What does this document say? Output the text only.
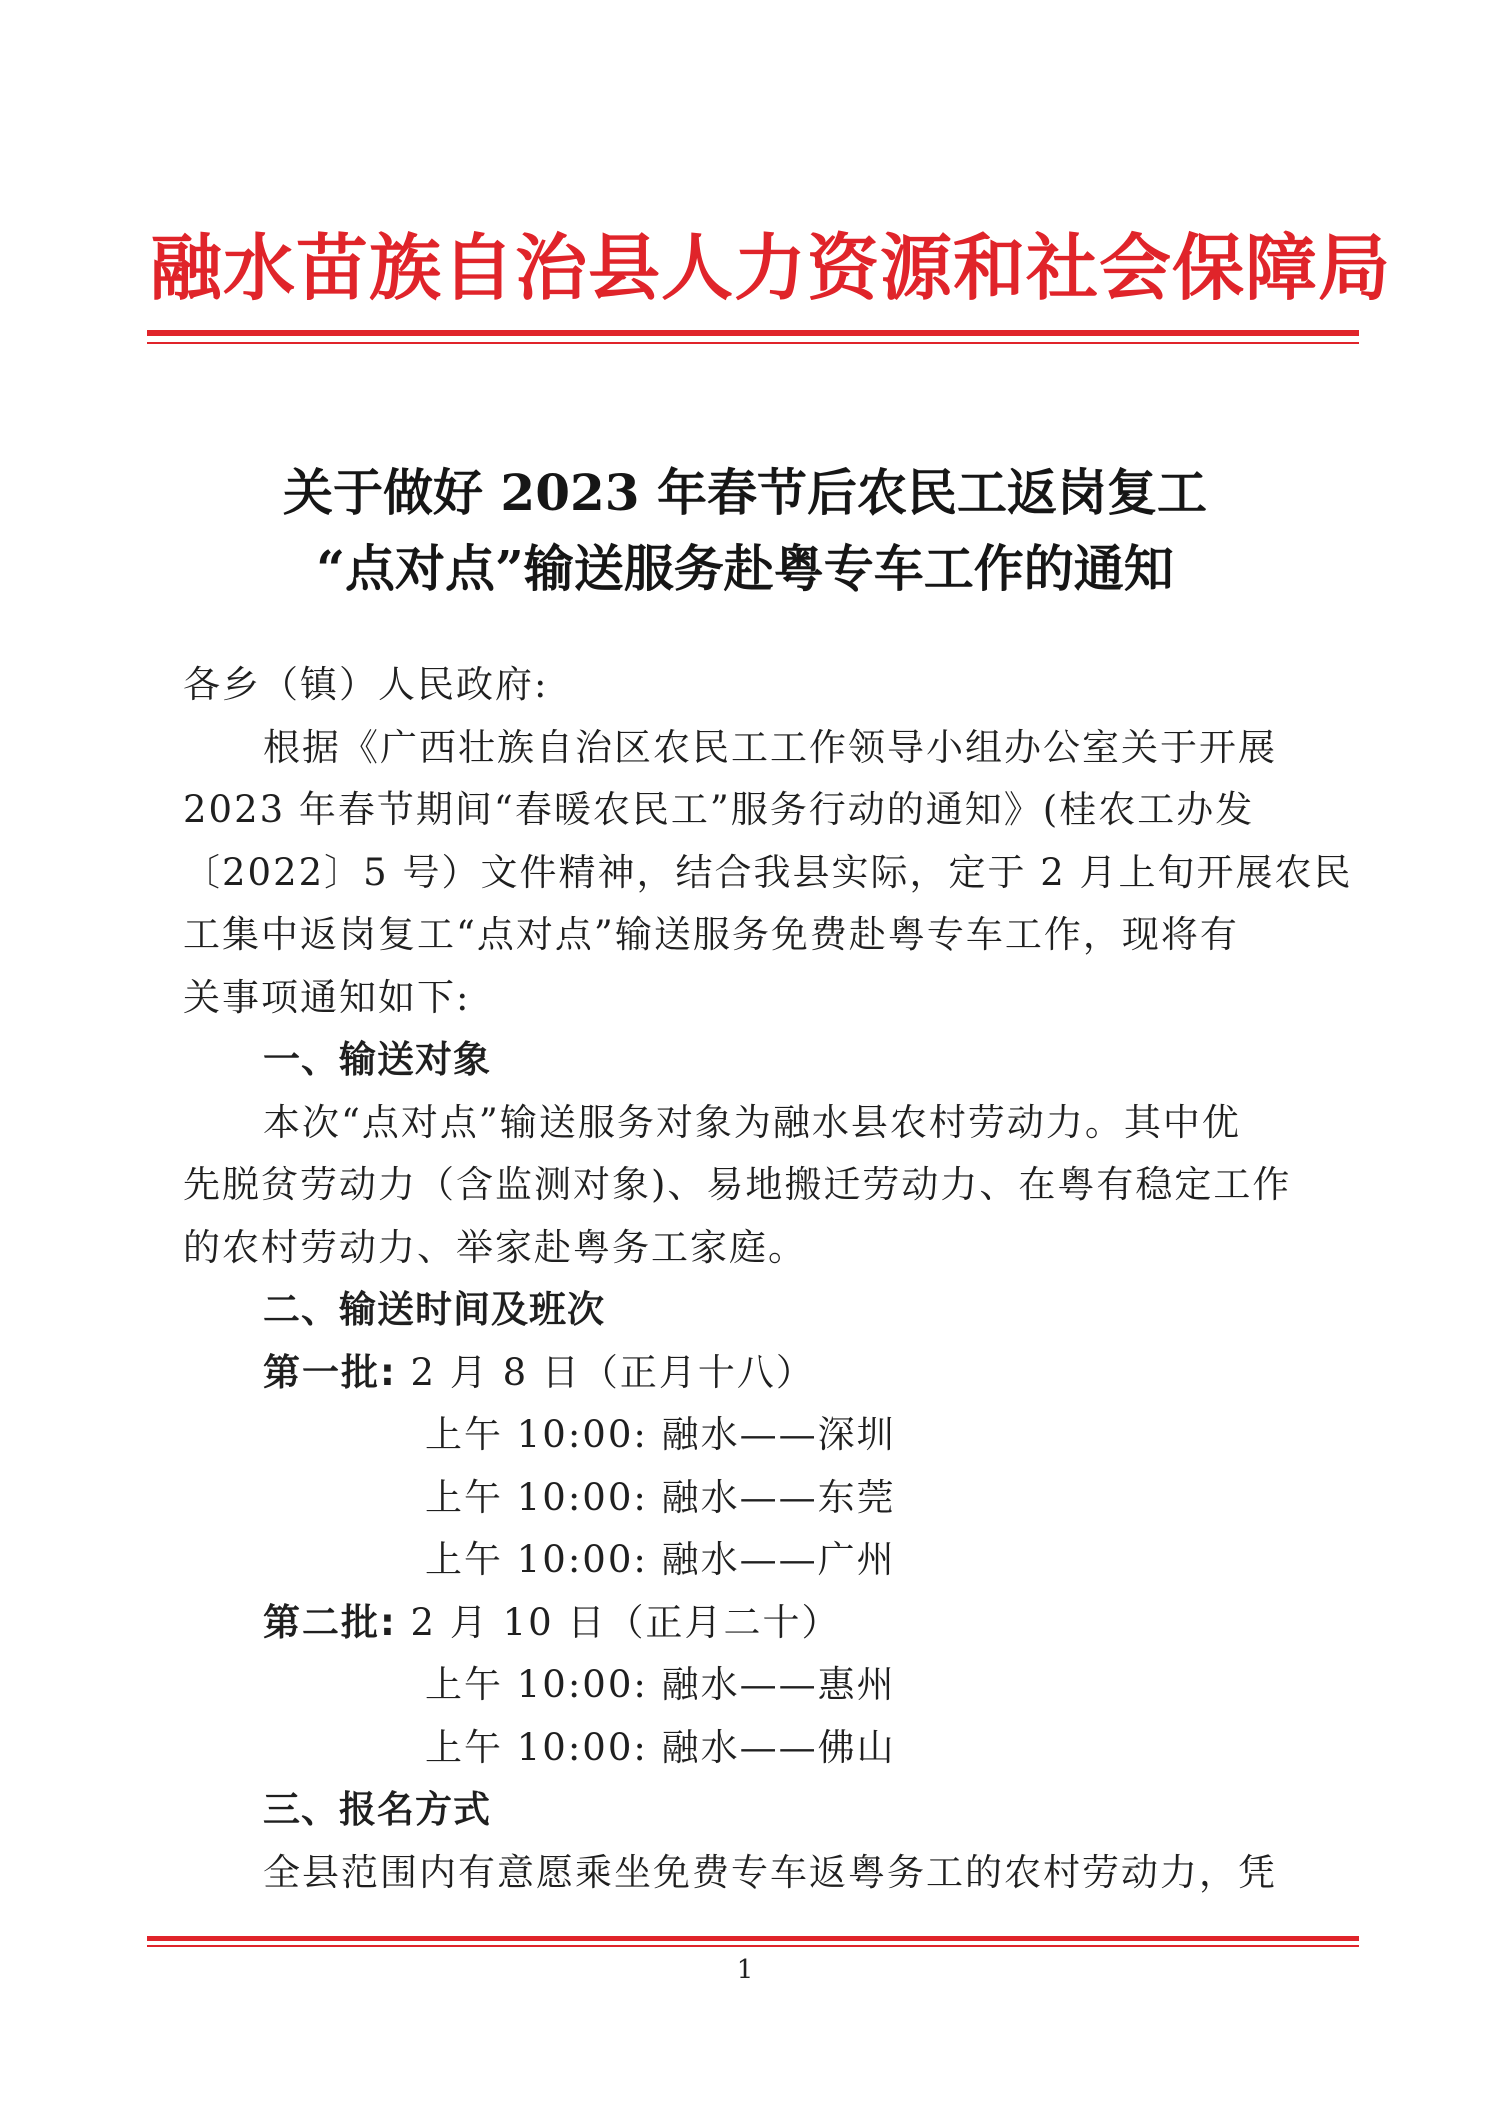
融水苗族自治县人力资源和社会保障局
关于做好 2023 年春节后农民工返岗复工
“点对点”输送服务赴粤专车工作的通知
各乡（镇）人民政府:
根据《广西壮族自治区农民工工作领导小组办公室关于开展
2023 年春节期间“春暖农民工”服务行动的通知》(桂农工办发
〔2022〕5 号）文件精神，结合我县实际，定于 2 月上旬开展农民
工集中返岗复工“点对点”输送服务免费赴粤专车工作，现将有
关事项通知如下:
一、输送对象
本次“点对点”输送服务对象为融水县农村劳动力。其中优
先脱贫劳动力（含监测对象)、易地搬迁劳动力、在粤有稳定工作
的农村劳动力、举家赴粤务工家庭。
二、输送时间及班次
第一批: 2 月 8 日（正月十八）
上午 10:00: 融水——深圳
上午 10:00: 融水——东莞
上午 10:00: 融水——广州
第二批: 2 月 10 日（正月二十）
上午 10:00: 融水——惠州
上午 10:00: 融水——佛山
三、报名方式
全县范围内有意愿乘坐免费专车返粤务工的农村劳动力，凭
1
